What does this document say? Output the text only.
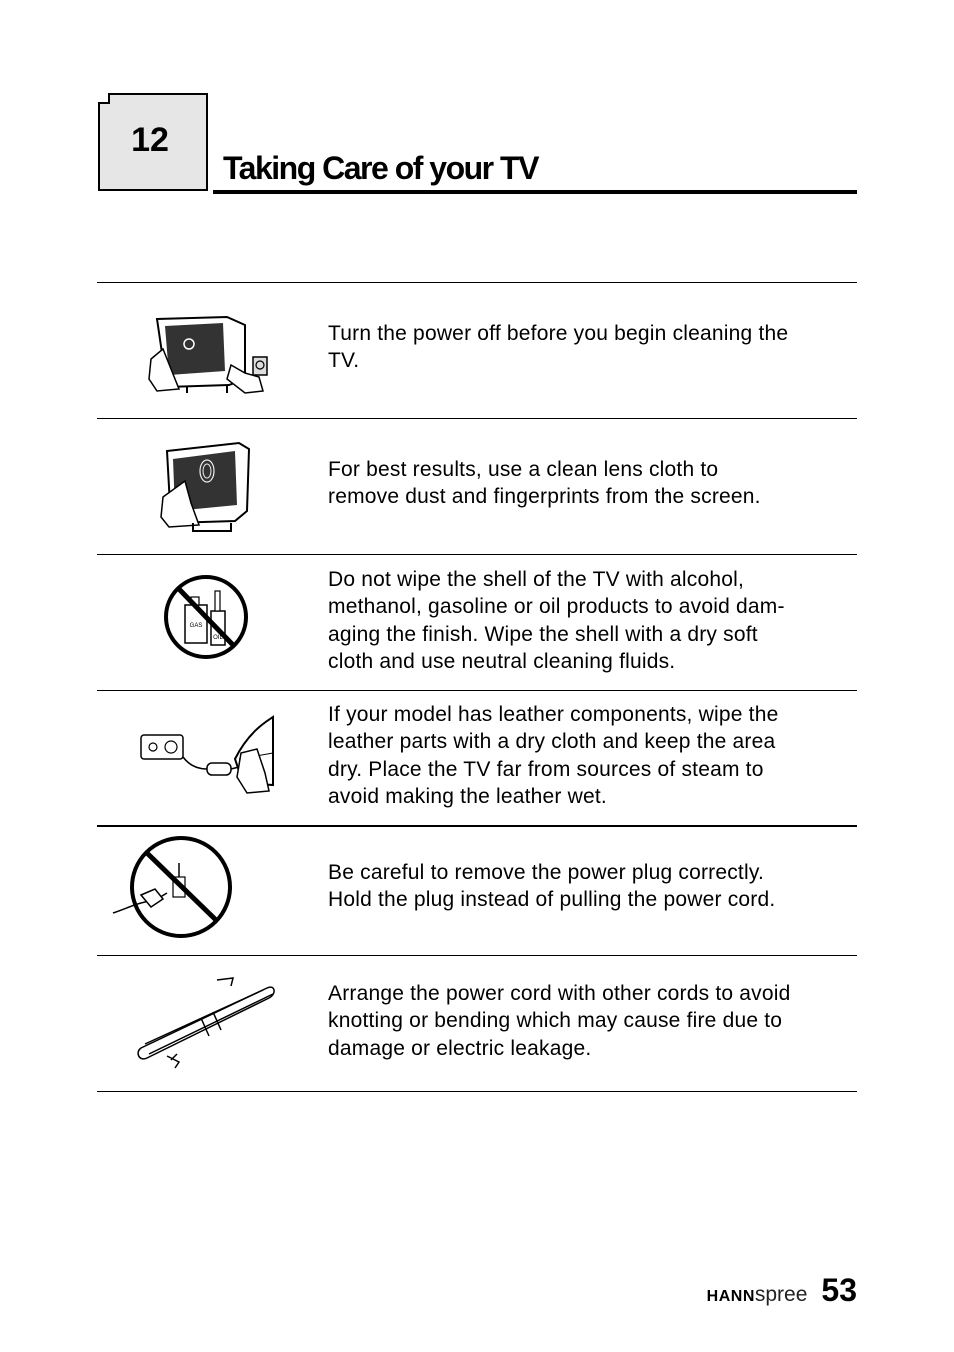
12
Taking Care of your TV
Turn the power off before you begin cleaning the
TV.
For best results, use a clean lens cloth to
remove dust and fingerprints from the screen.
GAS
OIL
Do not wipe the shell of the TV with alcohol,
methanol, gasoline or oil products to avoid dam-
aging the finish. Wipe the shell with a dry soft
cloth and use neutral cleaning fluids.
If your model has leather components, wipe the
leather parts with a dry cloth and keep the area
dry. Place the TV far from sources of steam to
avoid making the leather wet.
Be careful to remove the power plug correctly.
Hold the plug instead of pulling the power cord.
Arrange the power cord with other cords to avoid
knotting or bending which may cause fire due to
damage or electric leakage.
HANN spree 53
